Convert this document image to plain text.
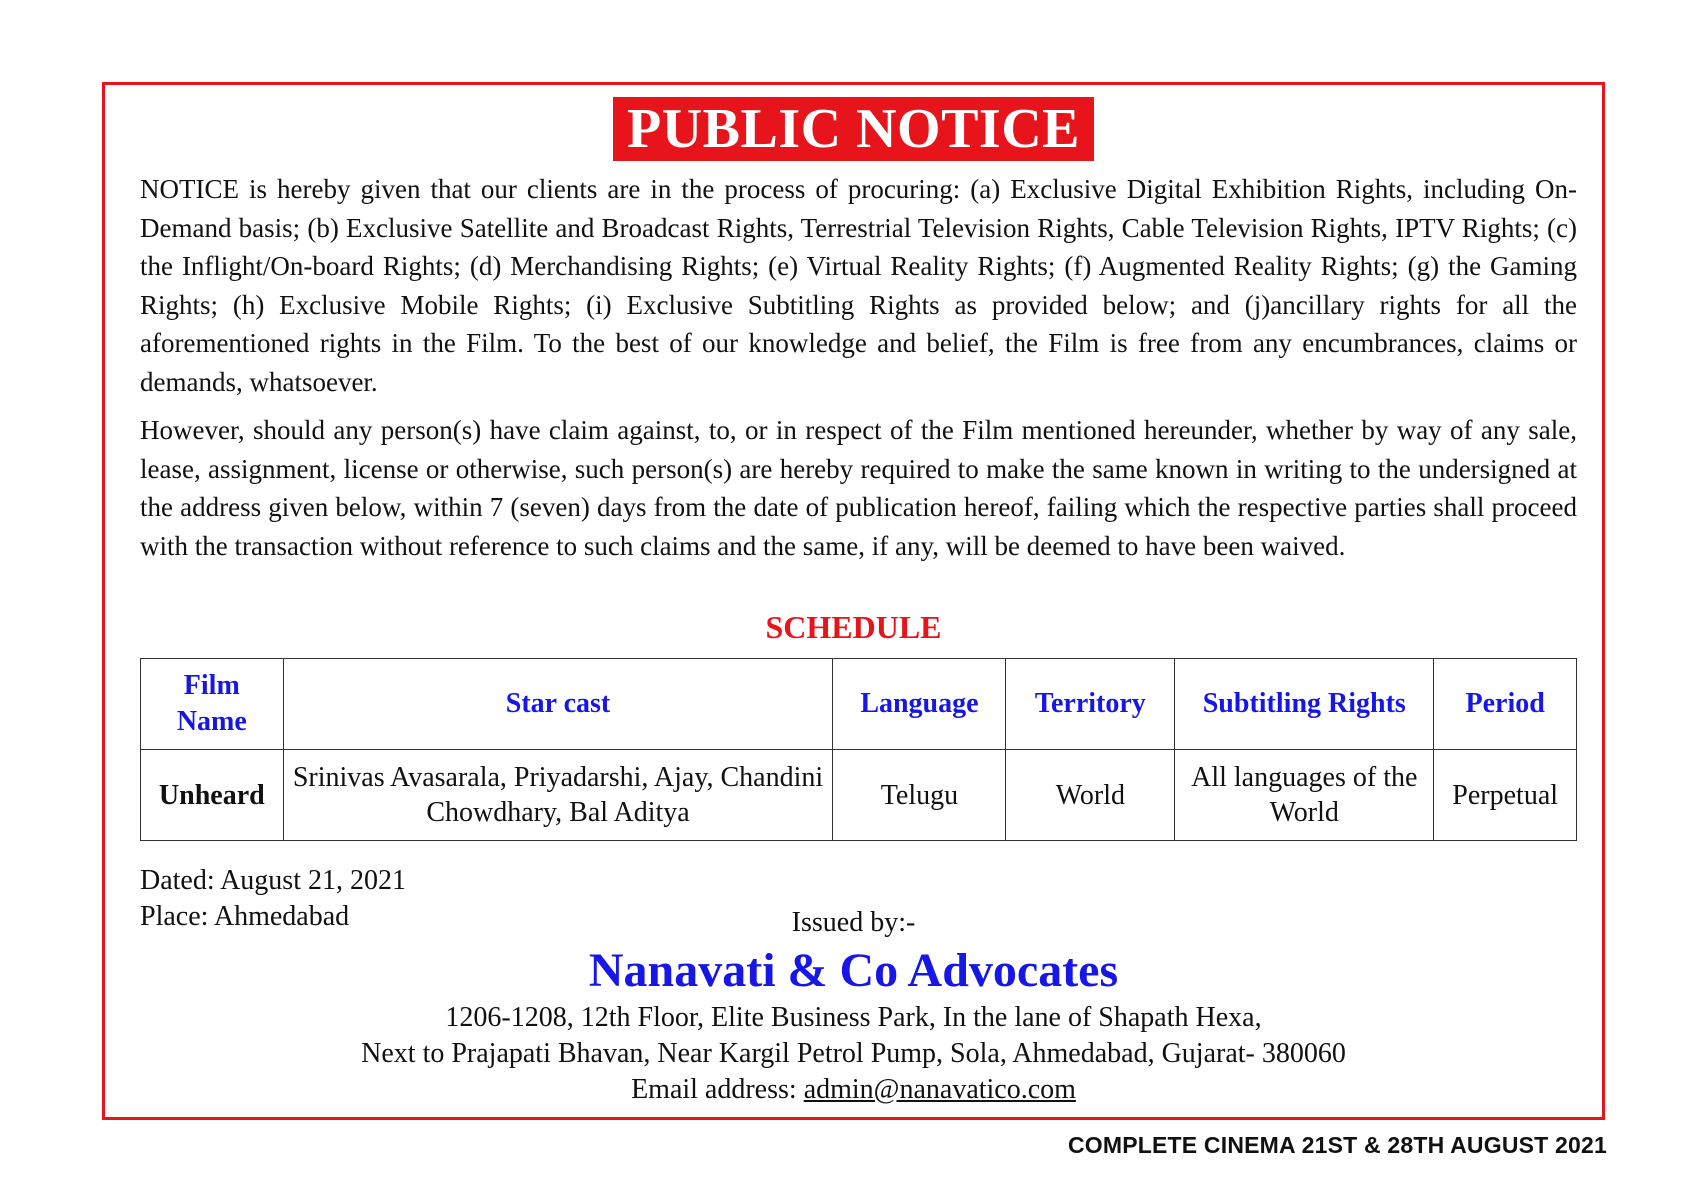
PUBLIC NOTICE

NOTICE is hereby given that our clients are in the process of procuring: (a) Exclusive Digital Exhibition Rights, including On-Demand basis; (b) Exclusive Satellite and Broadcast Rights, Terrestrial Television Rights, Cable Television Rights, IPTV Rights; (c) the Inflight/On-board Rights; (d) Merchandising Rights; (e) Virtual Reality Rights; (f) Augmented Reality Rights; (g) the Gaming Rights; (h) Exclusive Mobile Rights; (i) Exclusive Subtitling Rights as provided below; and (j)ancillary rights for all the aforementioned rights in the Film. To the best of our knowledge and belief, the Film is free from any encumbrances, claims or demands, whatsoever.

However, should any person(s) have claim against, to, or in respect of the Film mentioned hereunder, whether by way of any sale, lease, assignment, license or otherwise, such person(s) are hereby required to make the same known in writing to the undersigned at the address given below, within 7 (seven) days from the date of publication hereof, failing which the respective parties shall proceed with the transaction without reference to such claims and the same, if any, will be deemed to have been waived.

SCHEDULE
Film Name	Star cast	Language	Territory	Subtitling Rights	Period
Unheard	Srinivas Avasarala, Priyadarshi, Ajay, Chandini Chowdhary, Bal Aditya	Telugu	World	All languages of the World	Perpetual
Dated: August 21, 2021
Place: Ahmedabad	Issued by:-
Nanavati & Co Advocates
1206-1208, 12th Floor, Elite Business Park, In the lane of Shapath Hexa,
Next to Prajapati Bhavan, Near Kargil Petrol Pump, Sola, Ahmedabad, Gujarat- 380060
Email address: admin@nanavatico.com
COMPLETE CINEMA 21ST & 28TH AUGUST 2021
